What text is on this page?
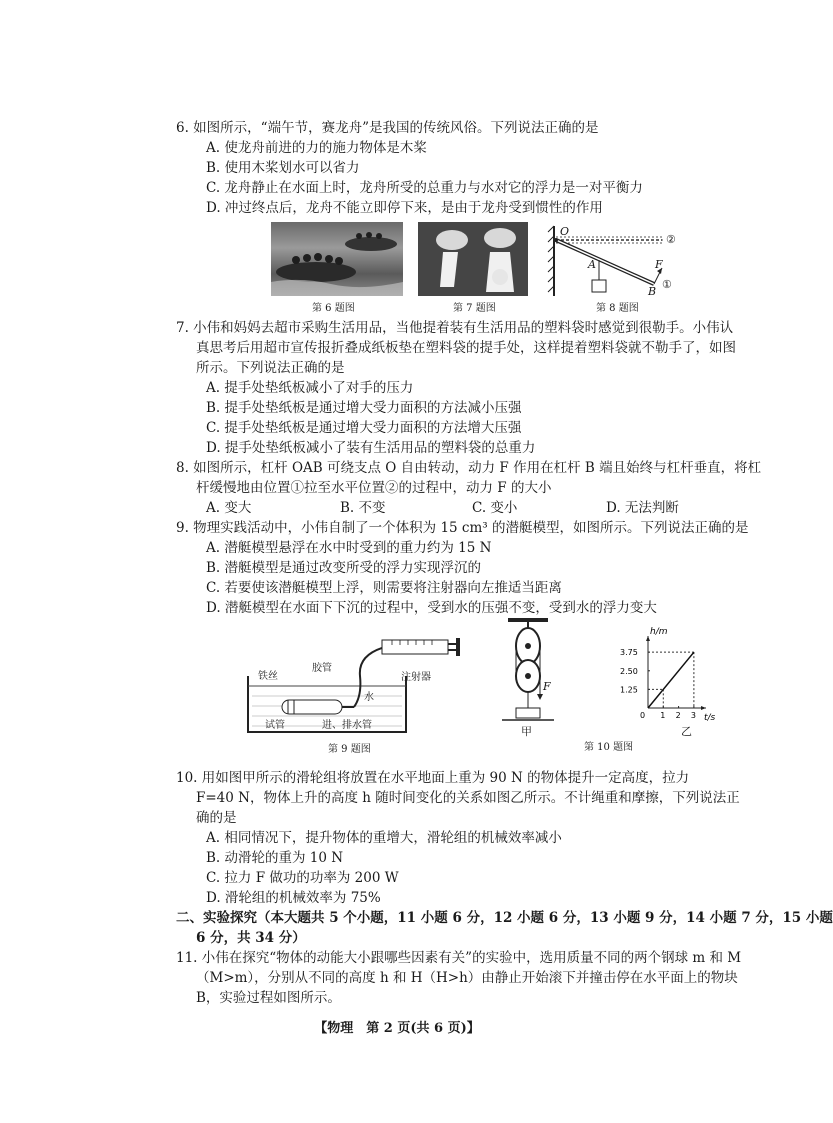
6. 如图所示，“端午节，赛龙舟”是我国的传统风俗。下列说法正确的是
A. 使龙舟前进的力的施力物体是木桨
B. 使用木桨划水可以省力
C. 龙舟静止在水面上时，龙舟所受的总重力与水对它的浮力是一对平衡力
D. 冲过终点后，龙舟不能立即停下来，是由于龙舟受到惯性的作用
第 6 题图	第 7 题图
O
A	F
B
①
②
第 8 题图
7. 小伟和妈妈去超市采购生活用品，当他提着装有生活用品的塑料袋时感觉到很勒手。小伟认
真思考后用超市宣传报折叠成纸板垫在塑料袋的提手处，这样提着塑料袋就不勒手了，如图
所示。下列说法正确的是
A. 提手处垫纸板减小了对手的压力
B. 提手处垫纸板是通过增大受力面积的方法减小压强
C. 提手处垫纸板是通过增大受力面积的方法增大压强
D. 提手处垫纸板减小了装有生活用品的塑料袋的总重力
8. 如图所示，杠杆 OAB 可绕支点 O 自由转动，动力 F 作用在杠杆 B 端且始终与杠杆垂直，将杠
杆缓慢地由位置①拉至水平位置②的过程中，动力 F 的大小
A. 变大	B. 不变	C. 变小	D. 无法判断
9. 物理实践活动中，小伟自制了一个体积为 15 cm³ 的潜艇模型，如图所示。下列说法正确的是
A. 潜艇模型悬浮在水中时受到的重力约为 15 N
B. 潜艇模型是通过改变所受的浮力实现浮沉的
C. 若要使该潜艇模型上浮，则需要将注射器向左推适当距离
D. 潜艇模型在水面下下沉的过程中，受到水的压强不变，受到水的浮力变大
铁丝
胶管
注射器
水
试管	进、排水管
第 9 题图
F
甲
h/m
t/s
0 1 2 3
1.25
2.50
3.75
乙
第 10 题图
10. 用如图甲所示的滑轮组将放置在水平地面上重为 90 N 的物体提升一定高度，拉力
F=40 N，物体上升的高度 h 随时间变化的关系如图乙所示。不计绳重和摩擦，下列说法正
确的是
A. 相同情况下，提升物体的重增大，滑轮组的机械效率减小
B. 动滑轮的重为 10 N
C. 拉力 F 做功的功率为 200 W
D. 滑轮组的机械效率为 75%
二、实验探究（本大题共 5 个小题，11 小题 6 分，12 小题 6 分，13 小题 9 分，14 小题 7 分，15 小题
6 分，共 34 分）
11. 小伟在探究“物体的动能大小跟哪些因素有关”的实验中，选用质量不同的两个钢球 m 和 M
（M>m），分别从不同的高度 h 和 H（H>h）由静止开始滚下并撞击停在水平面上的物块
B，实验过程如图所示。
【物理　第 2 页(共 6 页)】
